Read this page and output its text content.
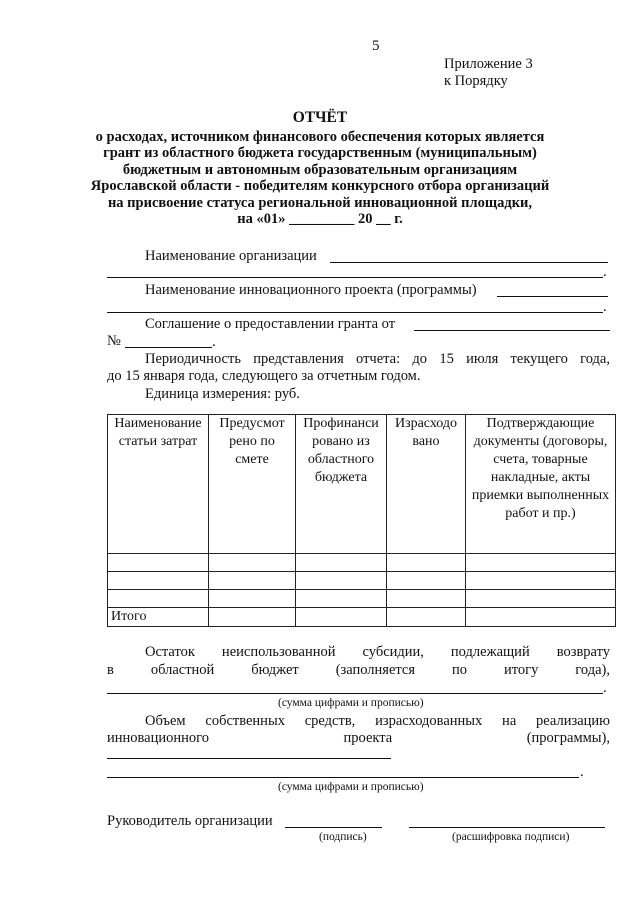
5
Приложение 3
к Порядку
ОТЧЁТ
о расходах, источником финансового обеспечения которых является
грант из областного бюджета государственным (муниципальным)
бюджетным и автономным образовательным организациям
Ярославской области - победителям конкурсного отбора организаций
на присвоение статуса региональной инновационной площадки,
на «01» _________ 20 __ г.
Наименование организации
.
Наименование инновационного проекта (программы)
.
Соглашение о предоставлении гранта от
№	.
Периодичность представления отчета: до 15 июля текущего года,
до 15 января года, следующего за отчетным годом.
Единица измерения: руб.
Наименование статьи затрат	Предусмот рено по смете	Профинанси ровано из областного бюджета	Израсходо вано	Подтверждающие документы (договоры, счета, товарные накладные, акты приемки выполненных работ и пр.)

Итого				
Остаток неиспользованной субсидии, подлежащий возврату
в областной бюджет (заполняется по итогу года),
.
(сумма цифрами и прописью)
Объем собственных средств, израсходованных на реализацию
инновационного проекта (программы),
.
(сумма цифрами и прописью)
Руководитель организации
(подпись)	(расшифровка подписи)
